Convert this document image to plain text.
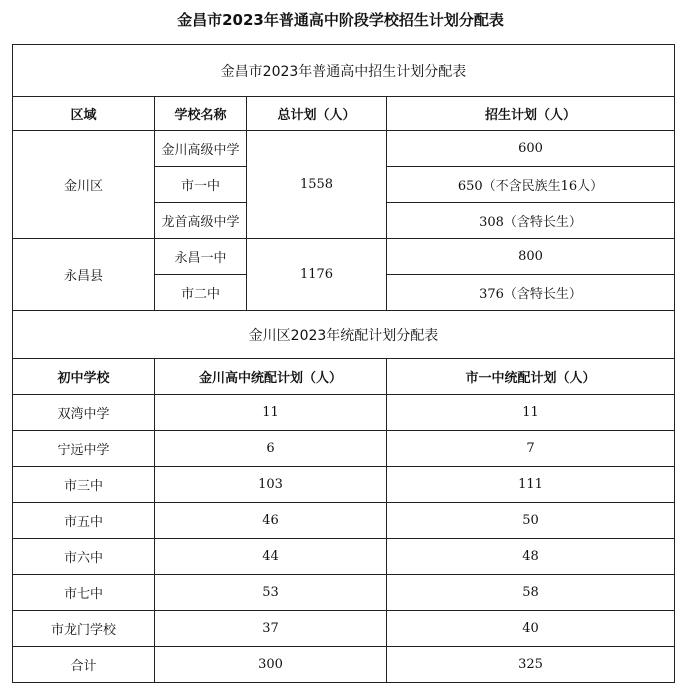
金昌市2023年普通高中阶段学校招生计划分配表
金昌市2023年普通高中招生计划分配表			
区域	学校名称	总计划（人）	招生计划（人）
金川区	金川高级中学	1558	600
	市一中		650（不含民族生16人）
	龙首高级中学		308（含特长生）
永昌县	永昌一中	1176	800
	市二中		376（含特长生）
金川区2023年统配计划分配表			
初中学校	金川高中统配计划（人）		市一中统配计划（人）
双湾中学	11		11
宁远中学	6		7
市三中	103		111
市五中	46		50
市六中	44		48
市七中	53		58
市龙门学校	37		40
合计	300		325
